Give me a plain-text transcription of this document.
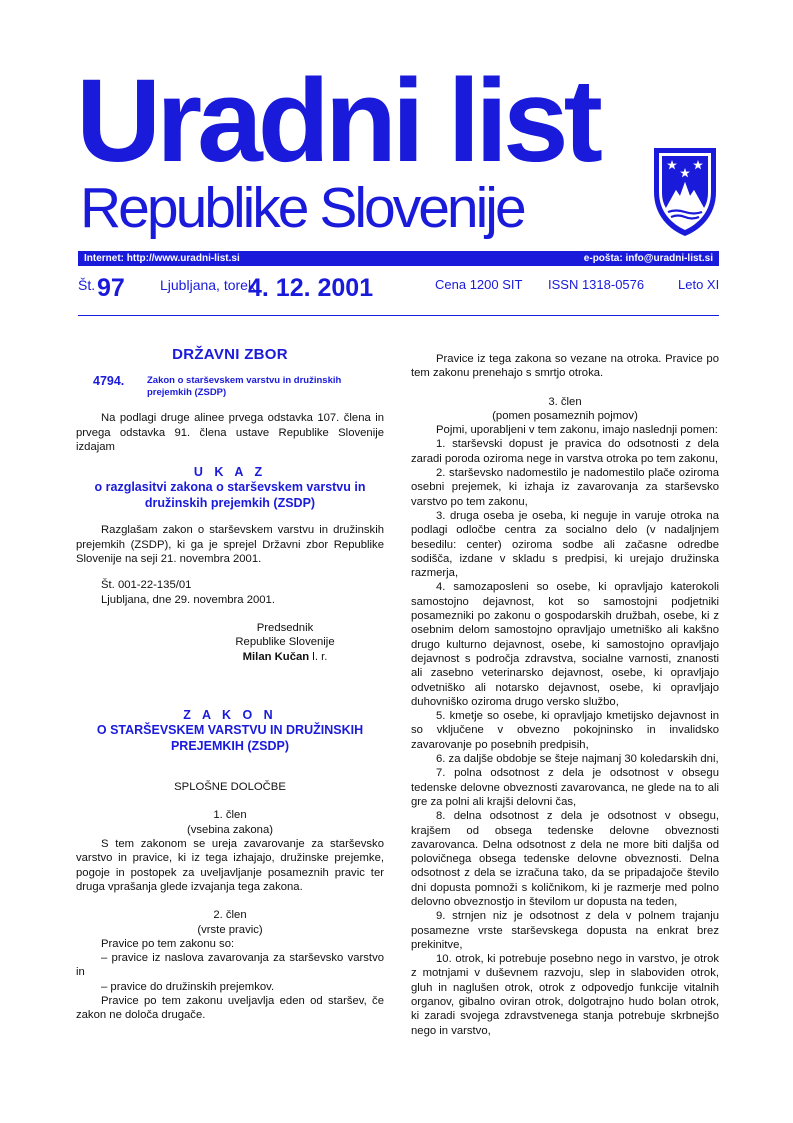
Uradni list
Republike Slovenije
Internet: http://www.uradni-list.si	e-pošta: info@uradni-list.si
Št. 97	Ljubljana, torek
4. 12. 2001	Cena 1200 SIT ISSN 1318-0576	Leto XI
DRŽAVNI ZBOR
4794.	Zakon o starševskem varstvu in družinskih prejemkih (ZSDP)

Na podlagi druge alinee prvega odstavka 107. člena in prvega odstavka 91. člena ustave Republike Slovenije izdajam

U K A Z
o razglasitvi zakona o starševskem varstvu in družinskih prejemkih (ZSDP)

Razglašam zakon o starševskem varstvu in družinskih prejemkih (ZSDP), ki ga je sprejel Državni zbor Republike Slovenije na seji 21. novembra 2001.

Št. 001-22-135/01

Ljubljana, dne 29. novembra 2001.

Predsednik

Republike Slovenije

Milan Kučan l. r.

Z A K O N
O STARŠEVSKEM VARSTVU IN DRUŽINSKIH PREJEMKIH (ZSDP)

SPLOŠNE DOLOČBE

1. člen

(vsebina zakona)

S tem zakonom se ureja zavarovanje za starševsko varstvo in pravice, ki iz tega izhajajo, družinske prejemke, pogoje in postopek za uveljavljanje posameznih pravic ter druga vprašanja glede izvajanja tega zakona.

2. člen

(vrste pravic)

Pravice po tem zakonu so:

– pravice iz naslova zavarovanja za starševsko varstvo in

– pravice do družinskih prejemkov.

Pravice po tem zakonu uveljavlja eden od staršev, če zakon ne določa drugače.

Pravice iz tega zakona so vezane na otroka. Pravice po tem zakonu prenehajo s smrtjo otroka.

3. člen

(pomen posameznih pojmov)

Pojmi, uporabljeni v tem zakonu, imajo naslednji pomen:

1. starševski dopust je pravica do odsotnosti z dela zaradi poroda oziroma nege in varstva otroka po tem zakonu,

2. starševsko nadomestilo je nadomestilo plače oziroma osebni prejemek, ki izhaja iz zavarovanja za starševsko varstvo po tem zakonu,

3. druga oseba je oseba, ki neguje in varuje otroka na podlagi odločbe centra za socialno delo (v nadaljnjem besedilu: center) oziroma sodbe ali začasne odredbe sodišča, izdane v skladu s predpisi, ki urejajo družinska razmerja,

4. samozaposleni so osebe, ki opravljajo katerokoli samostojno dejavnost, kot so samostojni podjetniki posamezniki po zakonu o gospodarskih družbah, osebe, ki z osebnim delom samostojno opravljajo umetniško ali kakšno drugo kulturno dejavnost, osebe, ki samostojno opravljajo dejavnost s področja zdravstva, socialne varnosti, znanosti ali zasebno veterinarsko dejavnost, osebe, ki opravljajo odvetniško ali notarsko dejavnost, osebe, ki opravljajo duhovniško oziroma drugo versko službo,

5. kmetje so osebe, ki opravljajo kmetijsko dejavnost in so vključene v obvezno pokojninsko in invalidsko zavarovanje po posebnih predpisih,

6. za daljše obdobje se šteje najmanj 30 koledarskih dni,

7. polna odsotnost z dela je odsotnost v obsegu tedenske delovne obveznosti zavarovanca, ne glede na to ali gre za polni ali krajši delovni čas,

8. delna odsotnost z dela je odsotnost v obsegu, krajšem od obsega tedenske delovne obveznosti zavarovanca. Delna odsotnost z dela ne more biti daljša od polovičnega obsega tedenske delovne obveznosti. Delna odsotnost z dela se izračuna tako, da se pripadajoče število dni dopusta pomnoži s količnikom, ki je razmerje med polno delovno obveznostjo in številom ur dopusta na teden,

9. strnjen niz je odsotnost z dela v polnem trajanju posamezne vrste starševskega dopusta na enkrat brez prekinitve,

10. otrok, ki potrebuje posebno nego in varstvo, je otrok z motnjami v duševnem razvoju, slep in slaboviden otrok, gluh in naglušen otrok, otrok z odpovedjo funkcije vitalnih organov, gibalno oviran otrok, dolgotrajno hudo bolan otrok, ki zaradi svojega zdravstvenega stanja potrebuje skrbnejšo nego in varstvo,
